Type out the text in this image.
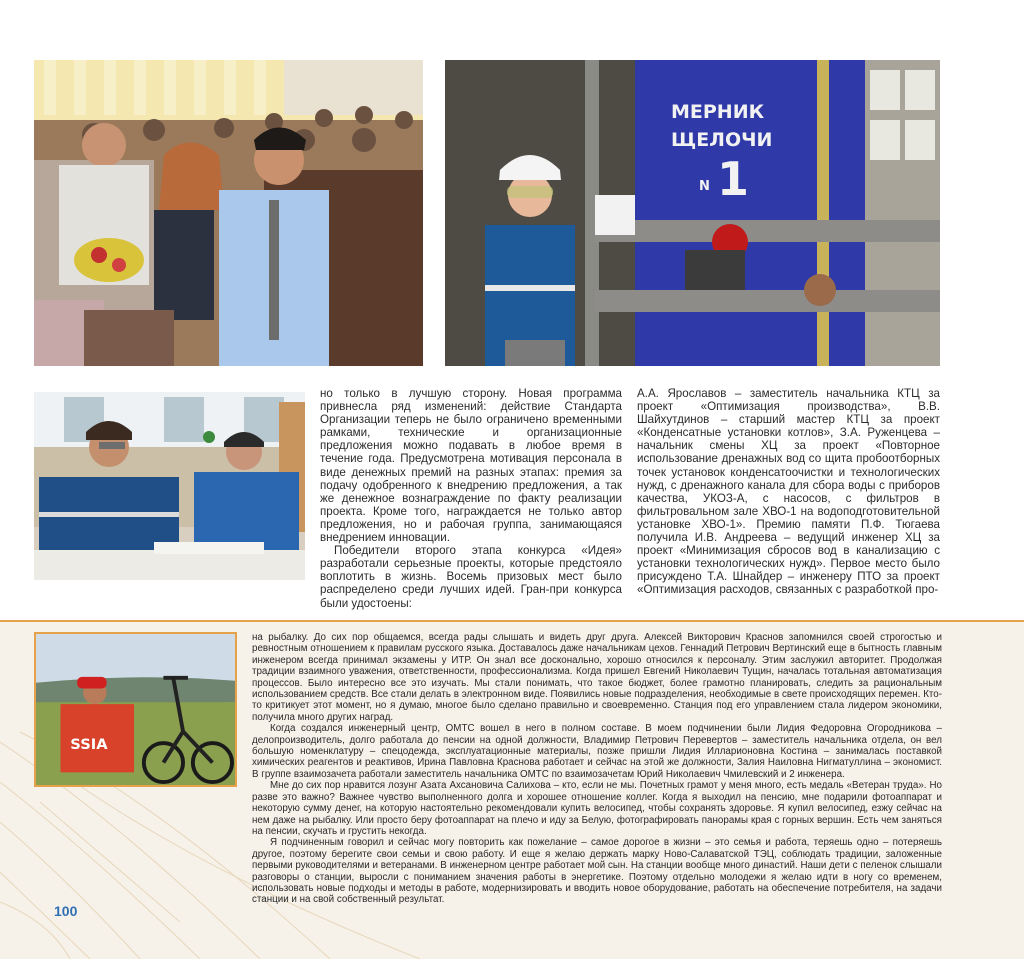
МЕРНИК
ЩЕЛОЧИ
N 1

но только в лучшую сторону. Новая программа привнесла ряд изменений: действие Стандарта Организации теперь не было ограничено временными рамками, технические и организационные предложения можно подавать в любое время в течение года. Предусмотрена мотивация персонала в виде денежных премий на разных этапах: премия за подачу одобренного к внедрению предложения, а так же денежное вознаграждение по факту реализации проекта. Кроме того, награждается не только автор предложения, но и рабочая группа, занимающаяся внедрением инновации.

Победители второго этапа конкурса «Идея» разработали серьезные проекты, которые предстояло воплотить в жизнь. Восемь призовых мест было распределено среди лучших идей. Гран-при конкурса были удостоены:

А.А. Ярославов – заместитель начальника КТЦ за проект «Оптимизация производства», В.В. Шайхутдинов – старший мастер КТЦ за проект «Конденсатные установки котлов», З.А. Руженцева – начальник смены ХЦ за проект «Повторное использование дренажных вод со щита пробоотборных точек установок конденсатоочистки и технологических нужд, с дренажного канала для сбора воды с приборов качества, УКОЗ-А, с насосов, с фильтров в фильтровальном зале ХВО-1 на водоподготовительной установке ХВО-1». Премию памяти П.Ф. Тюгаева получила И.В. Андреева – ведущий инженер ХЦ за проект «Минимизация сбросов вод в канализацию с установки технологических нужд». Первое место было присуждено Т.А. Шнайдер – инженеру ПТО за проект «Оптимизация расходов, связанных с разработкой про-

SSIA

на рыбалку. До сих пор общаемся, всегда рады слышать и видеть друг друга. Алексей Викторович Краснов запомнился своей строгостью и ревностным отношением к правилам русского языка. Доставалось даже начальникам цехов. Геннадий Петрович Вертинский еще в бытность главным инженером всегда принимал экзамены у ИТР. Он знал все досконально, хорошо относился к персоналу. Этим заслужил авторитет. Продолжая традиции взаимного уважения, ответственности, профессионализма. Когда пришел Евгений Николаевич Тущин, началась тотальная автоматизация процессов. Было интересно все это изучать. Мы стали понимать, что такое бюджет, более грамотно планировать, следить за рациональным использованием средств. Все стали делать в электронном виде. Появились новые подразделения, необходимые в свете происходящих перемен. Кто-то критикует этот момент, но я думаю, многое было сделано правильно и своевременно. Станция под его управлением стала лидером экономики, получила много других наград.

Когда создался инженерный центр, ОМТС вошел в него в полном составе. В моем подчинении были Лидия Федоровна Огородникова – делопроизводитель, долго работала до пенсии на одной должности, Владимир Петрович Перевертов – заместитель начальника отдела, он вел большую номенклатуру – спецодежда, эксплуатационные материалы, позже пришли Лидия Илларионовна Костина – занималась поставкой химических реагентов и реактивов, Ирина Павловна Краснова работает и сейчас на этой же должности, Залия Наиловна Нигматуллина – экономист. В группе взаимозачета работали заместитель начальника ОМТС по взаимозачетам Юрий Николаевич Чмилевский и 2 инженера.

Мне до сих пор нравится лозунг Азата Ахсановича Салихова – кто, если не мы. Почетных грамот у меня много, есть медаль «Ветеран труда». Но разве это важно? Важнее чувство выполненного долга и хорошее отношение коллег. Когда я выходил на пенсию, мне подарили фотоаппарат и некоторую сумму денег, на которую настоятельно рекомендовали купить велосипед, чтобы сохранять здоровье. Я купил велосипед, езжу сейчас на нем даже на рыбалку. Или просто беру фотоаппарат на плечо и иду за Белую, фотографировать панорамы края с горных вершин. Есть чем заняться на пенсии, скучать и грустить некогда.

Я подчиненным говорил и сейчас могу повторить как пожелание – самое дорогое в жизни – это семья и работа, теряешь одно – потеряешь другое, поэтому берегите свои семьи и свою работу. И еще я желаю держать марку Ново-Салаватской ТЭЦ, соблюдать традиции, заложенные первыми руководителями и ветеранами. В инженерном центре работает мой сын. На станции вообще много династий. Наши дети с пеленок слышали разговоры о станции, выросли с пониманием значения работы в энергетике. Поэтому отдельно молодежи я желаю идти в ногу со временем, использовать новые подходы и методы в работе, модернизировать и вводить новое оборудование, работать на обеспечение потребителя, на задачи станции и на свой собственный результат.

100
